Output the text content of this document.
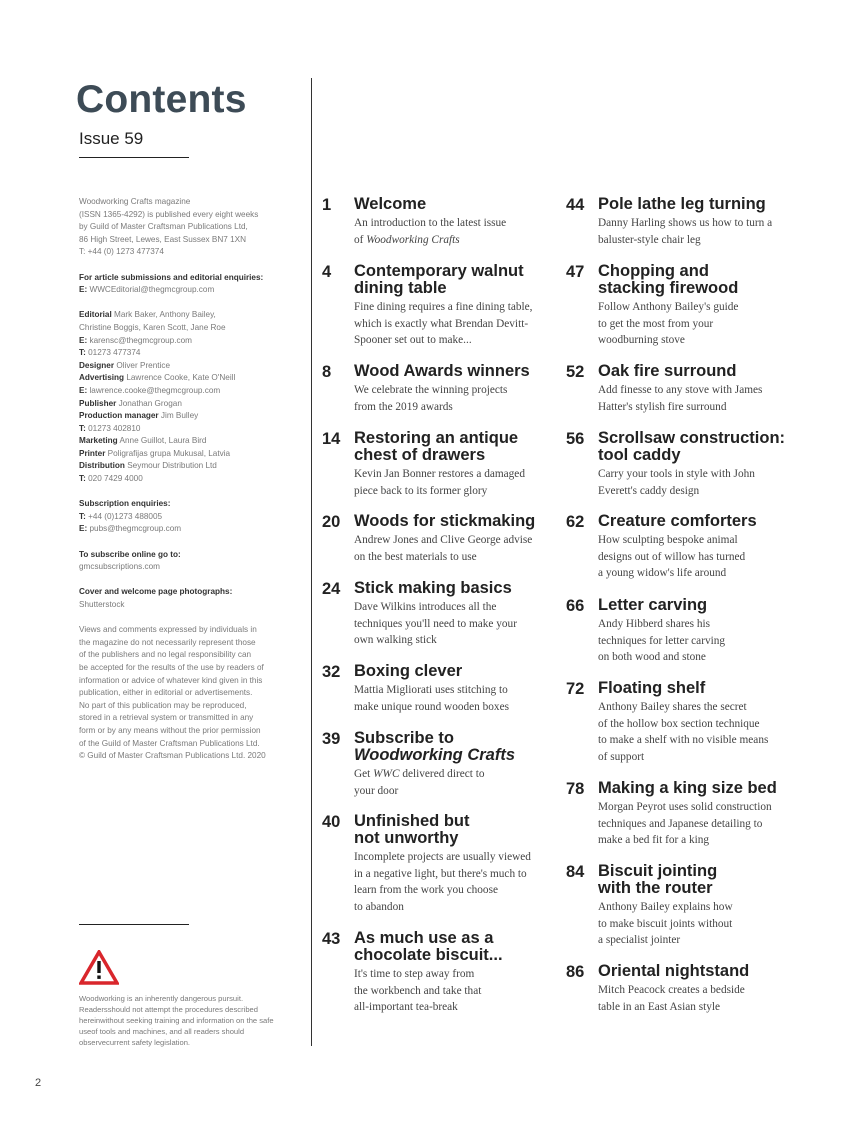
Contents
Issue 59

Woodworking Crafts magazine
(ISSN 1365-4292) is published every eight weeks
by Guild of Master Craftsman Publications Ltd,
86 High Street, Lewes, East Sussex BN7 1XN
T: +44 (0) 1273 477374

For article submissions and editorial enquiries:
E: WWCEditorial@thegmcgroup.com

Editorial Mark Baker, Anthony Bailey,
Christine Boggis, Karen Scott, Jane Roe
E: karensc@thegmcgroup.com
T: 01273 477374
Designer Oliver Prentice
Advertising Lawrence Cooke, Kate O'Neill
E: lawrence.cooke@thegmcgroup.com
Publisher Jonathan Grogan
Production manager Jim Bulley
T: 01273 402810
Marketing Anne Guillot, Laura Bird
Printer Poligrafijas grupa Mukusal, Latvia
Distribution Seymour Distribution Ltd
T: 020 7429 4000

Subscription enquiries:
T: +44 (0)1273 488005
E: pubs@thegmcgroup.com

To subscribe online go to:
gmcsubscriptions.com

Cover and welcome page photographs:
Shutterstock

Views and comments expressed by individuals in
the magazine do not necessarily represent those
of the publishers and no legal responsibility can
be accepted for the results of the use by readers of
information or advice of whatever kind given in this
publication, either in editorial or advertisements.
No part of this publication may be reproduced,
stored in a retrieval system or transmitted in any
form or by any means without the prior permission
of the Guild of Master Craftsman Publications Ltd.
© Guild of Master Craftsman Publications Ltd. 2020

Woodworking is an inherently dangerous pursuit. Readersshould not attempt the procedures described hereinwithout seeking training and information on the safe useof tools and machines, and all readers should observecurrent safety legislation.
1 Welcome
An introduction to the latest issue
of Woodworking Crafts
4 Contemporary walnut
dining table
Fine dining requires a fine dining table,
which is exactly what Brendan Devitt-
Spooner set out to make...
8 Wood Awards winners
We celebrate the winning projects
from the 2019 awards
14 Restoring an antique
chest of drawers
Kevin Jan Bonner restores a damaged
piece back to its former glory
20 Woods for stickmaking
Andrew Jones and Clive George advise
on the best materials to use
24 Stick making basics
Dave Wilkins introduces all the
techniques you'll need to make your
own walking stick
32 Boxing clever
Mattia Migliorati uses stitching to
make unique round wooden boxes
39 Subscribe to
Woodworking Crafts
Get WWC delivered direct to
your door
40 Unfinished but
not unworthy
Incomplete projects are usually viewed
in a negative light, but there's much to
learn from the work you choose
to abandon
43 As much use as a
chocolate biscuit...
It's time to step away from
the workbench and take that
all-important tea-break
44 Pole lathe leg turning
Danny Harling shows us how to turn a
baluster-style chair leg
47 Chopping and
stacking firewood
Follow Anthony Bailey's guide
to get the most from your
woodburning stove
52 Oak fire surround
Add finesse to any stove with James
Hatter's stylish fire surround
56 Scrollsaw construction:
tool caddy
Carry your tools in style with John
Everett's caddy design
62 Creature comforters
How sculpting bespoke animal
designs out of willow has turned
a young widow's life around
66 Letter carving
Andy Hibberd shares his
techniques for letter carving
on both wood and stone
72 Floating shelf
Anthony Bailey shares the secret
of the hollow box section technique
to make a shelf with no visible means
of support
78 Making a king size bed
Morgan Peyrot uses solid construction
techniques and Japanese detailing to
make a bed fit for a king
84 Biscuit jointing
with the router
Anthony Bailey explains how
to make biscuit joints without
a specialist jointer
86 Oriental nightstand
Mitch Peacock creates a bedside
table in an East Asian style
2
